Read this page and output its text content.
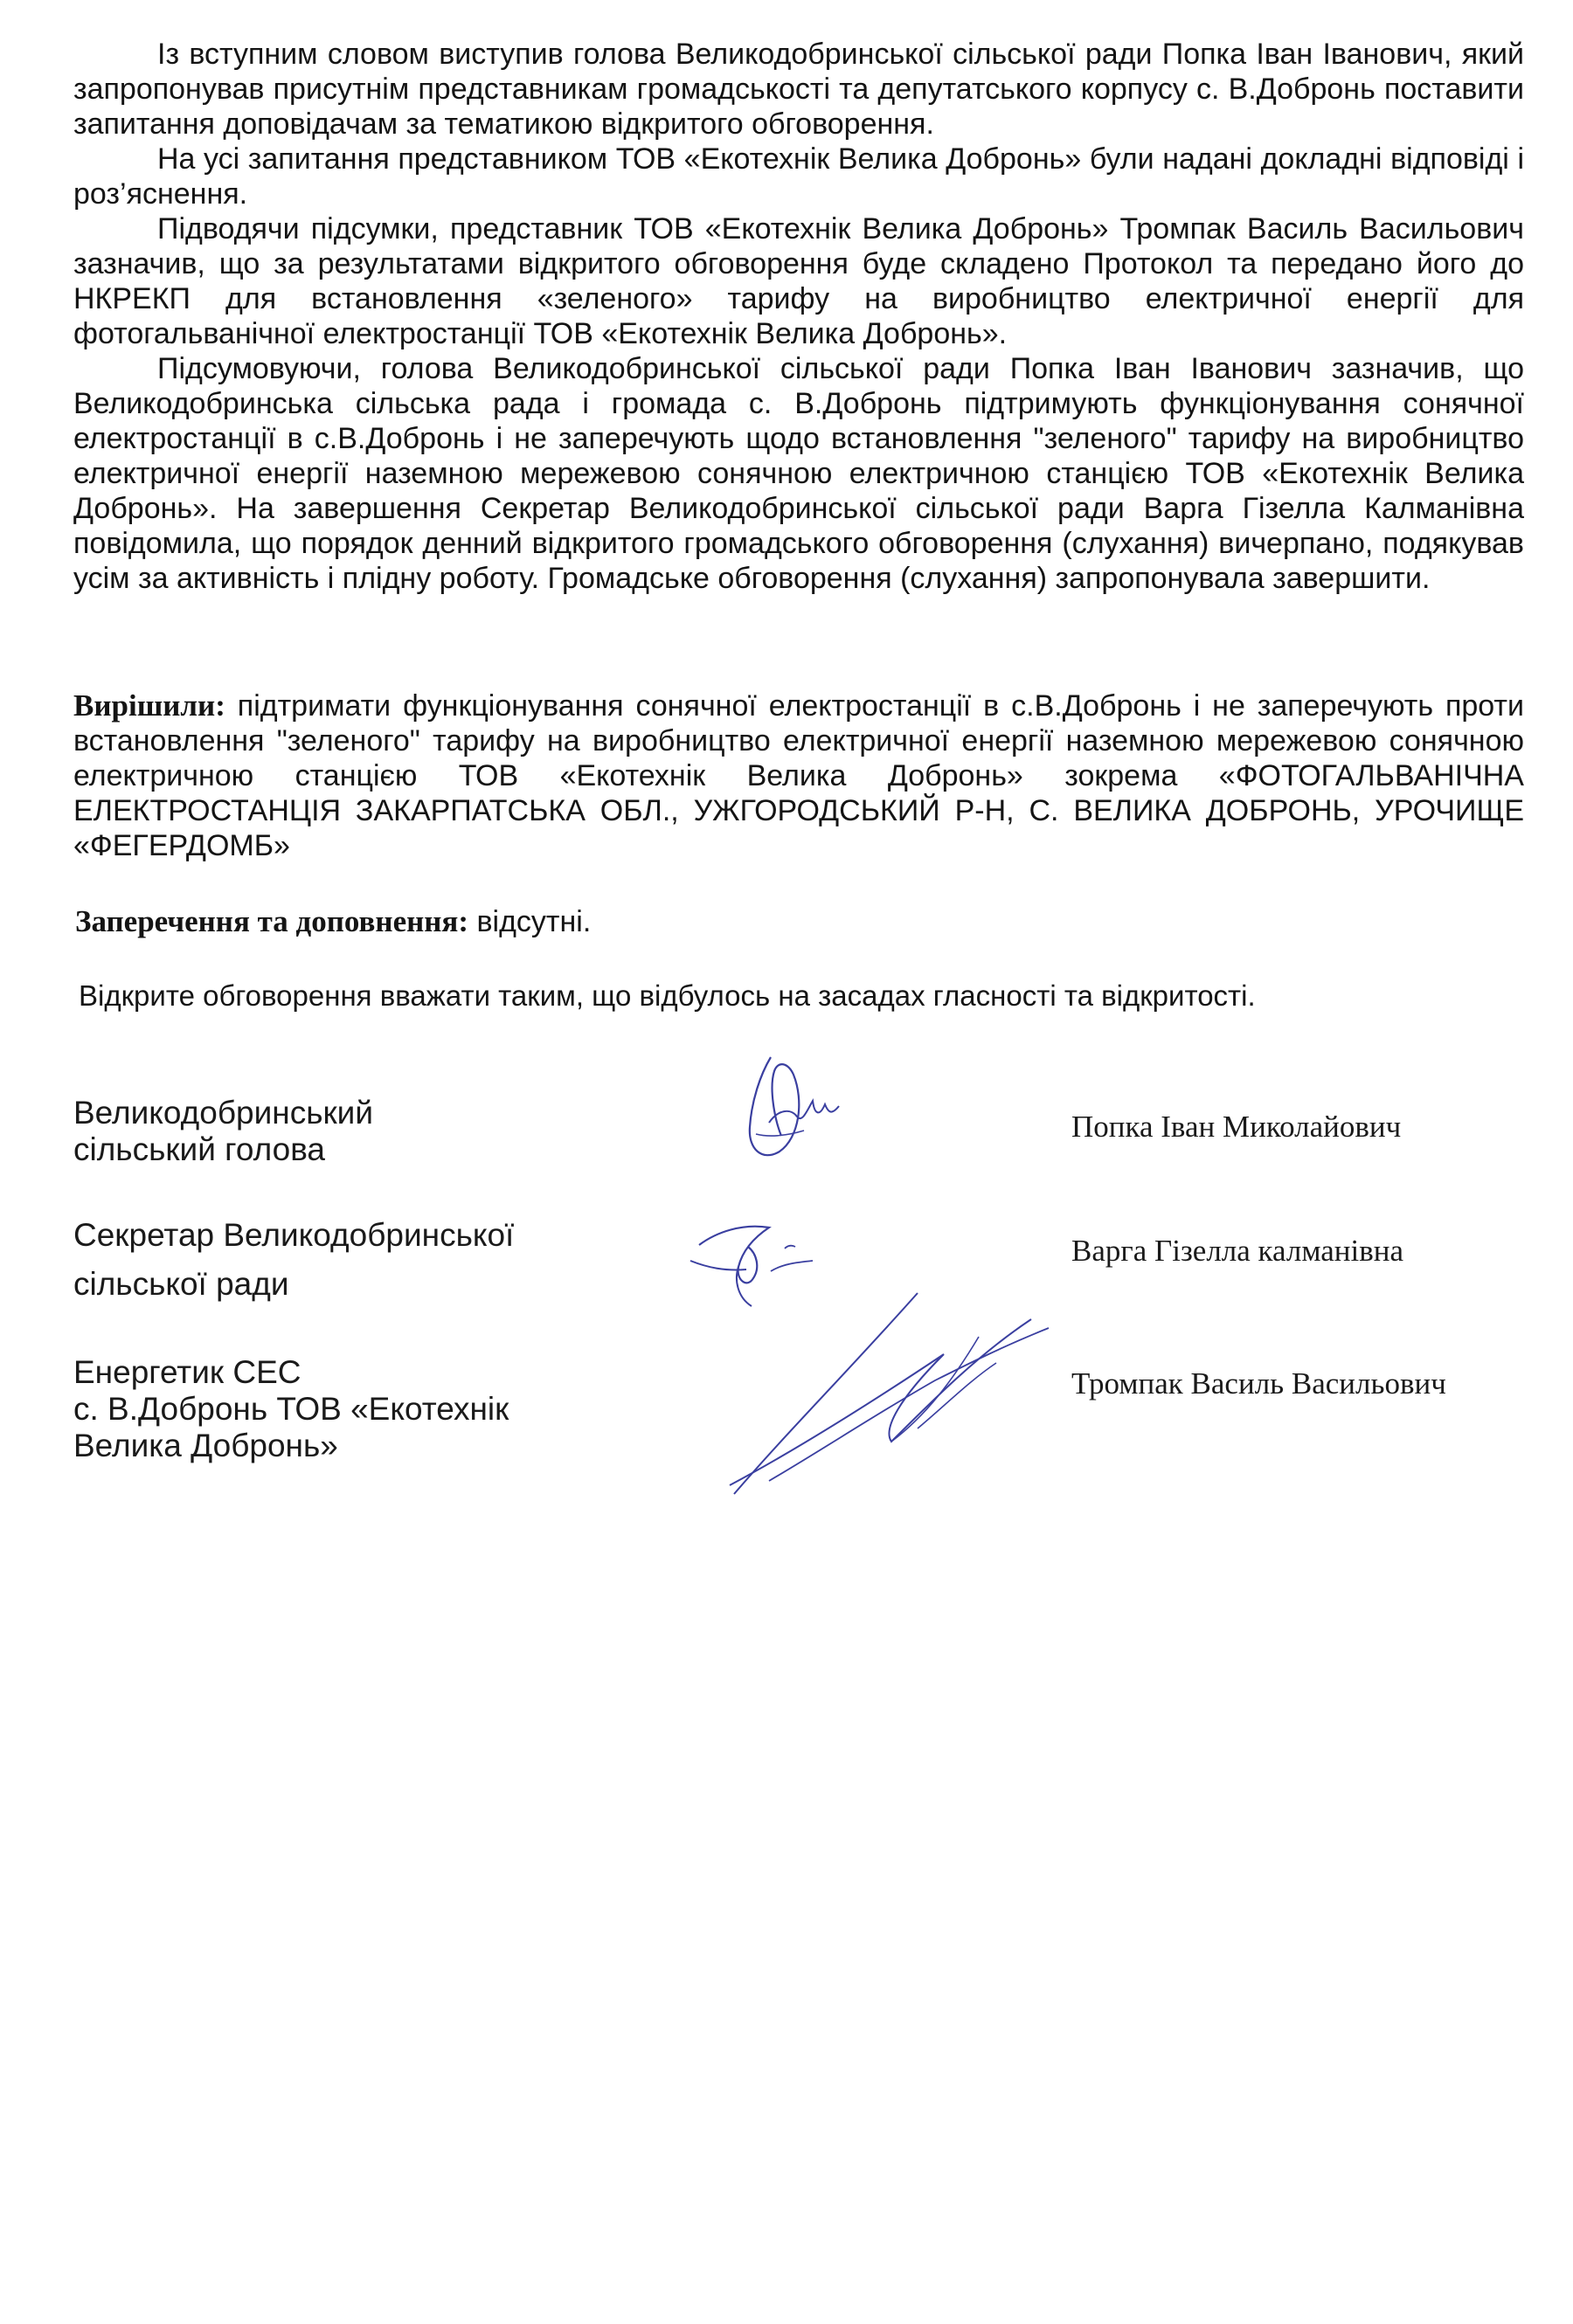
Із вступним словом виступив голова Великодобринської сільської ради Попка Іван Іванович, який запропонував присутнім представникам громадськості та депутатського корпусу с. В.Добронь поставити запитання доповідачам за тематикою відкритого обговорення.

На усі запитання представником ТОВ «Екотехнік Велика Добронь» були надані докладні відповіді і роз’яснення.

Підводячи підсумки, представник ТОВ «Екотехнік Велика Добронь» Тромпак Василь Васильович зазначив, що за результатами відкритого обговорення буде складено Протокол та передано його до НКРЕКП для встановлення «зеленого» тарифу на виробництво електричної енергії для фотогальванічної електростанції ТОВ «Екотехнік Велика Добронь».

Підсумовуючи, голова Великодобринської сільської ради Попка Іван Іванович зазначив, що Великодобринська сільська рада і громада с. В.Добронь підтримують функціонування сонячної електростанції в с.В.Добронь і не заперечують щодо встановлення "зеленого" тарифу на виробництво електричної енергії наземною мережевою сонячною електричною станцією ТОВ «Екотехнік Велика Добронь». На завершення Секретар Великодобринської сільської ради Варга Гізелла Калманівна повідомила, що порядок денний відкритого громадського обговорення (слухання) вичерпано, подякував усім за активність і плідну роботу. Громадське обговорення (слухання) запропонувала завершити.

Вирішили: підтримати функціонування сонячної електростанції в с.В.Добронь і не заперечують проти встановлення "зеленого" тарифу на виробництво електричної енергії наземною мережевою сонячною електричною станцією ТОВ «Екотехнік Велика Добронь» зокрема «ФОТОГАЛЬВАНІЧНА ЕЛЕКТРОСТАНЦІЯ ЗАКАРПАТСЬКА ОБЛ., УЖГОРОДСЬКИЙ Р-Н, С. ВЕЛИКА ДОБРОНЬ, УРОЧИЩЕ «ФЕГЕРДОМБ»
Заперечення та доповнення: відсутні.
Відкрите обговорення вважати таким, що відбулось на засадах гласності та відкритості.
Великодобринський
сільський голова
Попка Іван Миколайович
Секретар Великодобринської
сільської ради
Варга Гізелла калманівна
Енергетик СЕС
с. В.Добронь ТОВ «Екотехнік
Велика Добронь»
Тромпак Василь Васильович
